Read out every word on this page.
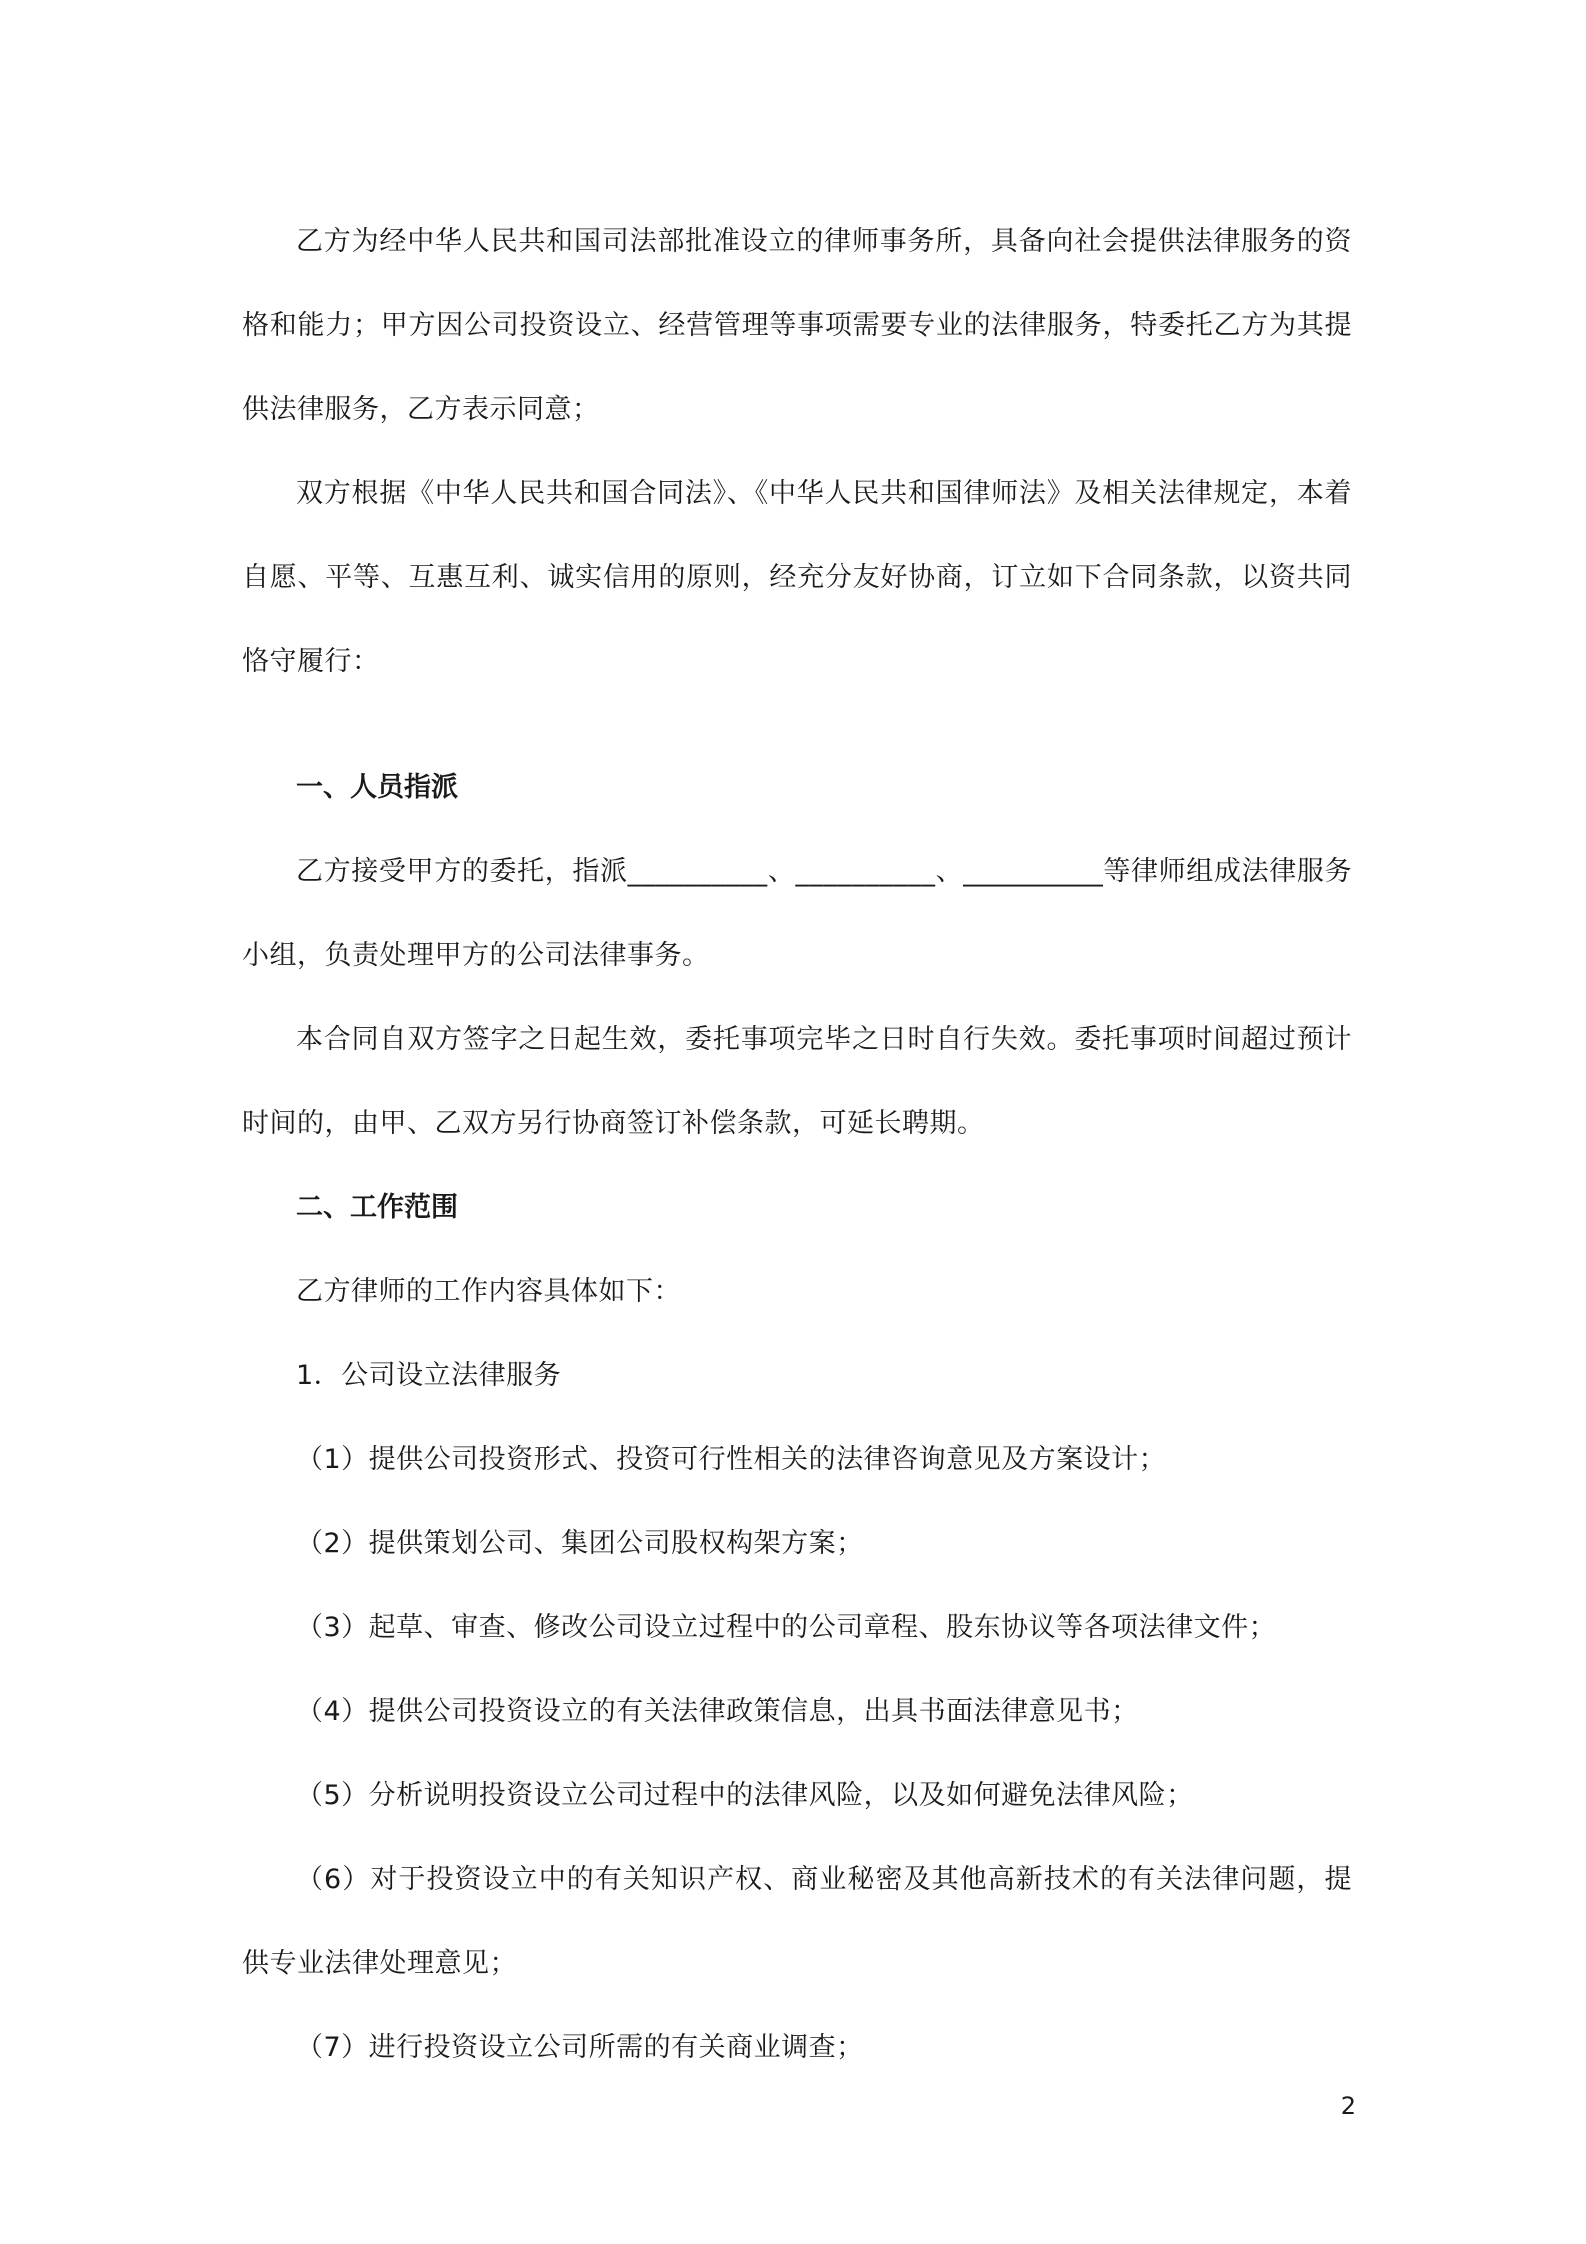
乙方为经中华人民共和国司法部批准设立的律师事务所，具备向社会提供法律服务的资格和能力；甲方因公司投资设立、经营管理等事项需要专业的法律服务，特委托乙方为其提供法律服务，乙方表示同意；

双方根据《中华人民共和国合同法》、《中华人民共和国律师法》及相关法律规定，本着自愿、平等、互惠互利、诚实信用的原则，经充分友好协商，订立如下合同条款，以资共同恪守履行：

一、人员指派

乙方接受甲方的委托，指派__________、__________、__________等律师组成法律服务小组，负责处理甲方的公司法律事务。

本合同自双方签字之日起生效，委托事项完毕之日时自行失效。委托事项时间超过预计时间的，由甲、乙双方另行协商签订补偿条款，可延长聘期。

二、工作范围

乙方律师的工作内容具体如下：

1．公司设立法律服务

（1）提供公司投资形式、投资可行性相关的法律咨询意见及方案设计；

（2）提供策划公司、集团公司股权构架方案；

（3）起草、审查、修改公司设立过程中的公司章程、股东协议等各项法律文件；

（4）提供公司投资设立的有关法律政策信息，出具书面法律意见书；

（5）分析说明投资设立公司过程中的法律风险，以及如何避免法律风险；

（6）对于投资设立中的有关知识产权、商业秘密及其他高新技术的有关法律问题，提供专业法律处理意见；

（7）进行投资设立公司所需的有关商业调查；

2
